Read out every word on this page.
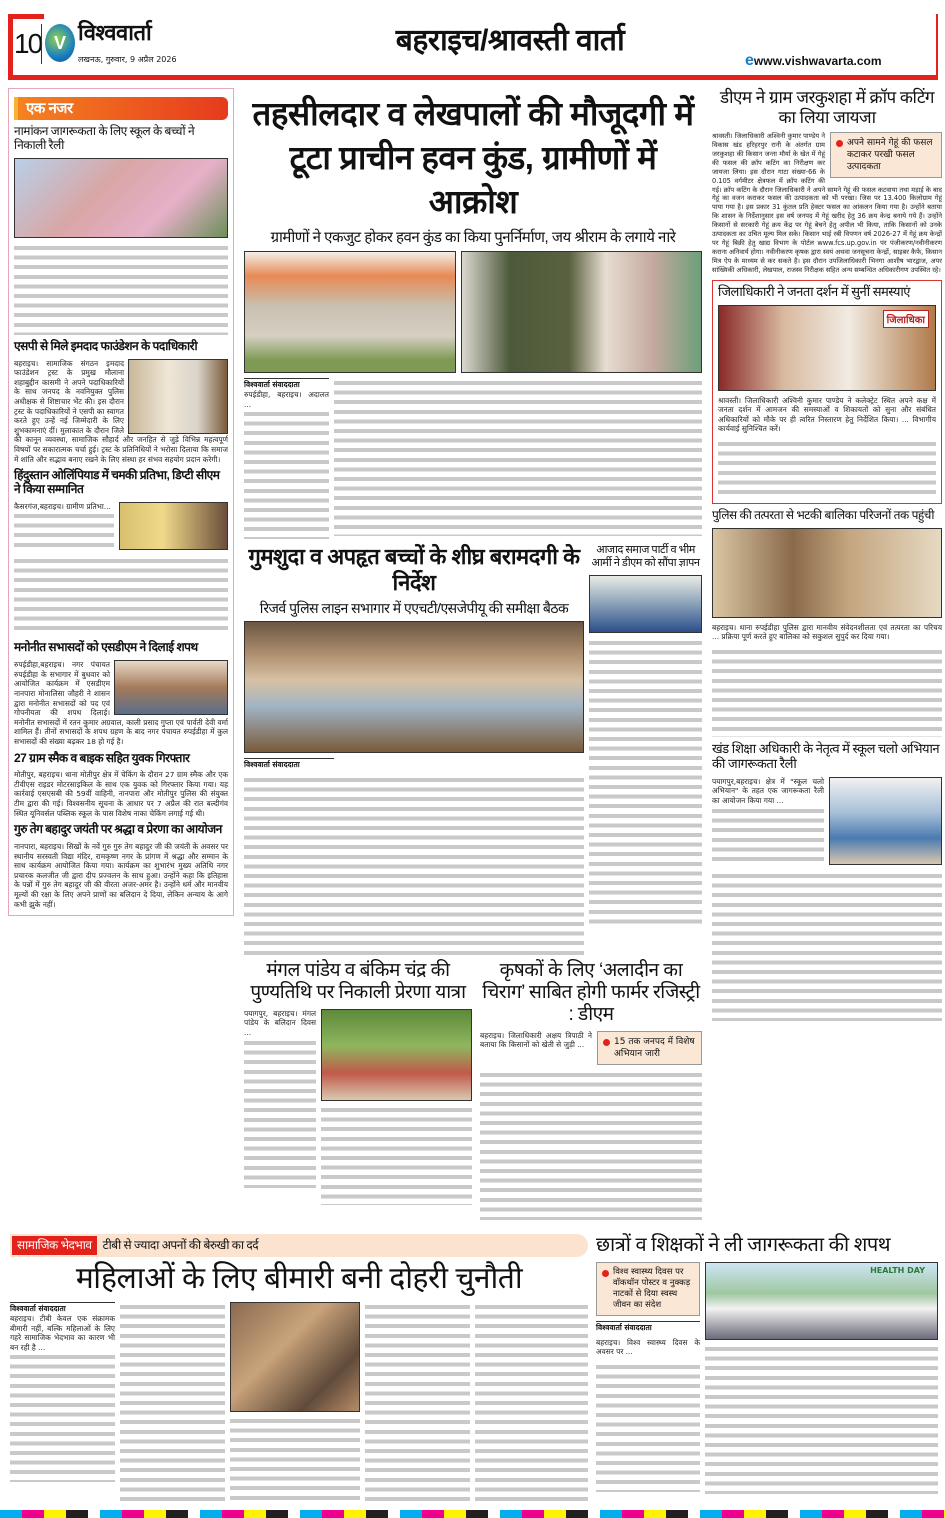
10 V विश्ववार्ता
लखनऊ, गुरुवार, 9 अप्रैल 2026
बहराइच/श्रावस्ती वार्ता
ewww.vishwavarta.com
एक नजर
नामांकन जागरूकता के लिए स्कूल के बच्चों ने निकाली रैली
एसपी से मिले इमदाद फाउंडेशन के पदाधिकारी
बहराइच। सामाजिक संगठन इमदाद फाउंडेशन ट्रस्ट के प्रमुख मौलाना शहाबुद्दीन कासमी ने अपने पदाधिकारियों के साथ जनपद के नवनियुक्त पुलिस अधीक्षक से शिष्टाचार भेंट की। इस दौरान ट्रस्ट के पदाधिकारियों ने एसपी का स्वागत करते हुए उन्हें नई जिम्मेदारी के लिए शुभकामनाएं दीं। मुलाकात के दौरान जिले की कानून व्यवस्था, सामाजिक सौहार्द और जनहित से जुड़े विभिन्न महत्वपूर्ण विषयों पर सकारात्मक चर्चा हुई। ट्रस्ट के प्रतिनिधियों ने भरोसा दिलाया कि समाज में शांति और सद्भाव बनाए रखने के लिए संस्था हर संभव सहयोग प्रदान करेगी।
हिंदुस्तान ओलिंपियाड में चमकी प्रतिभा, डिप्टी सीएम ने किया सम्मानित
कैसरगंज,बहराइच। ग्रामीण प्रतिभा...
मनोनीत सभासदों को एसडीएम ने दिलाई शपथ
रुपईडीहा,बहराइच। नगर पंचायत रुपईडीहा के सभागार में बुधवार को आयोजित कार्यक्रम में एसडीएम नानपारा मोनालिसा जौहरी ने शासन द्वारा मनोनीत सभासदों को पद एवं गोपनीयता की शपथ दिलाई। मनोनीत सभासदों में रतन कुमार अग्रवाल, काली प्रसाद गुप्ता एवं पार्वती देवी वर्मा शामिल हैं। तीनों सभासदों के शपथ ग्रहण के बाद नगर पंचायत रुपईडीहा में कुल सभासदों की संख्या बढ़कर 18 हो गई है।
27 ग्राम स्मैक व बाइक सहित युवक गिरफ्तार
मोतीपुर, बहराइच। थाना मोतीपुर क्षेत्र में चेकिंग के दौरान 27 ग्राम स्मैक और एक टीवीएस राइडर मोटरसाइकिल के साथ एक युवक को गिरफ्तार किया गया। यह कार्रवाई एसएसबी की 59वीं वाहिनी, नानपारा और मोतीपुर पुलिस की संयुक्त टीम द्वारा की गई। विश्वसनीय सूचना के आधार पर 7 अप्रैल की रात बल्दीगंव स्थित यूनिवर्सल पब्लिक स्कूल के पास विशेष नाका चेकिंग लगाई गई थी।
गुरु तेग बहादुर जयंती पर श्रद्धा व प्रेरणा का आयोजन
नानपारा, बहराइच। सिखों के नवें गुरु गुरु तेग बहादुर जी की जयंती के अवसर पर स्थानीय सरस्वती विद्या मंदिर, रामकृष्ण नगर के प्रांगण में श्रद्धा और सम्मान के साथ कार्यक्रम आयोजित किया गया। कार्यक्रम का शुभारंभ मुख्य अतिथि नगर प्रचारक कलजीत जी द्वारा दीप प्रज्वलन के साथ हुआ। उन्होंने कहा कि इतिहास के पन्नों में गुरु तेग बहादुर जी की वीरता अजर-अमर है। उन्होंने धर्म और मानवीय मूल्यों की रक्षा के लिए अपने प्राणों का बलिदान दे दिया, लेकिन अन्याय के आगे कभी झुके नहीं।
तहसीलदार व लेखपालों की मौजूदगी में टूटा प्राचीन हवन कुंड, ग्रामीणों में आक्रोश
ग्रामीणों ने एकजुट होकर हवन कुंड का किया पुनर्निर्माण, जय श्रीराम के लगाये नारे
विश्ववार्ता संवाददाता
रुपईडीहा, बहराइच। अदालत ...
गुमशुदा व अपहृत बच्चों के शीघ्र बरामदगी के निर्देश
रिजर्व पुलिस लाइन सभागार में एएचटी/एसजेपीयू की समीक्षा बैठक
विश्ववार्ता संवाददाता
आजाद समाज पार्टी व भीम आर्मी ने डीएम को सौंपा ज्ञापन
मंगल पांडेय व बंकिम चंद्र की पुण्यतिथि पर निकाली प्रेरणा यात्रा
पयागपुर, बहराइच। मंगल पांडेय के बलिदान दिवस ...
कृषकों के लिए ‘अलादीन का चिराग’ साबित होगी फार्मर रजिस्ट्री : डीएम
बहराइच। जिलाधिकारी अक्षय त्रिपाठी ने बताया कि किसानों को खेती से जुड़ी ...	15 तक जनपद में विशेष अभियान जारी
डीएम ने ग्राम जरकुशहा में क्रॉप कटिंग का लिया जायजा
अपने सामने गेहूं की फसल कटाकर परखी फसल उत्पादकता
श्रावस्ती। जिलाधिकारी अश्विनी कुमार पाण्डेय ने विकास खंड हरिहरपुर रानी के अंतर्गत ग्राम जरकुशहा की किसान जन्ता मौर्या के खेत में गेहूं की फसल की क्रॉप कटिंग का निरीक्षण कर जायजा लिया। इस दौरान गाटा संख्या-66 के 0.105 वर्गमीटर क्षेत्रफल में क्रॉप कटिंग की गई। क्रॉप कटिंग के दौरान जिलाधिकारी ने अपने सामने गेहूं की फसल कटवाया तथा मड़ाई के बाद गेहूं का वजन कराकर फसल की उत्पादकता को भी परखा। जिस पर 13.400 किलोग्राम गेहूं पाया गया है। इस प्रकार 31 कुंतल प्रति हेक्टर फसल का आंकलन किया गया है। उन्होंने बताया कि शासन के निर्देशानुसार इस वर्ष जनपद में गेहूं खरीद हेतु 36 क्रय केन्द्र बनाये गये हैं। उन्होंने किसानों से सरकारी गेहूं क्रय केंद्र पर गेहूं बेचने हेतु अपील भी किया, ताकि किसानों को उनके उत्पादकता का उचित मूल्य मिल सके। किसान भाई रबी विपणन वर्ष 2026-27 में गेहूं क्रय केन्द्रों पर गेहूं बिक्री हेतु खाद्य विभाग के पोर्टल www.fcs.up.gov.in पर पंजीकरण/नवीनीकरण कराना अनिवार्य होगा। नवीनीकरण कृषक द्वारा स्वयं अथवा जनसूचना केन्द्रों, साइबर कैफे, किसान मित्र ऐप के माध्यम से कर सकते है। इस दौरान उपजिलाधिकारी भिनगा आशीष भारद्वाज, अपर सांख्यिकी अधिकारी, लेखपाल, राजस्व निरीक्षक सहित अन्य सम्बन्धित अधिकारीगण उपस्थित रहे।
जिलाधिकारी ने जनता दर्शन में सुनीं समस्याएं
जिलाधिका
श्रावस्ती। जिलाधिकारी अश्विनी कुमार पाण्डेय ने कलेक्ट्रेट स्थित अपने कक्ष में जनता दर्शन में आमजन की समस्याओं व शिकायतों को सुना और संबंधित अधिकारियों को मौके पर ही त्वरित निस्तारण हेतु निर्देशित किया। ... विभागीय कार्यवाई सुनिश्चित करें।
पुलिस की तत्परता से भटकी बालिका परिजनों तक पहुंची
बहराइच। थाना रुपईडीहा पुलिस द्वारा मानवीय संवेदनशीलता एवं तत्परता का परिचय ... प्रक्रिया पूर्ण करते हुए बालिका को सकुशल सुपुर्द कर दिया गया।
खंड शिक्षा अधिकारी के नेतृत्व में स्कूल चलो अभियान की जागरूकता रैली
पयागपुर,बहराइच। क्षेत्र में "स्कूल चलो अभियान" के तहत एक जागरूकता रैली का आयोजन किया गया ...
सामाजिक भेदभाव टीबी से ज्यादा अपनों की बेरुखी का दर्द
महिलाओं के लिए बीमारी बनी दोहरी चुनौती
विश्ववार्ता संवाददाता
बहराइच। टीबी केवल एक संक्रामक बीमारी नहीं, बल्कि महिलाओं के लिए गहरे सामाजिक भेदभाव का कारण भी बन रही है ...
छात्रों व शिक्षकों ने ली जागरूकता की शपथ
विश्व स्वास्थ्य दिवस पर वॉकथॉन पोस्टर व नुक्कड़ नाटकों से दिया स्वस्थ जीवन का संदेश
विश्ववार्ता संवाददाता
बहराइच। विश्व स्वास्थ्य दिवस के अवसर पर ...
HEALTH DAY
